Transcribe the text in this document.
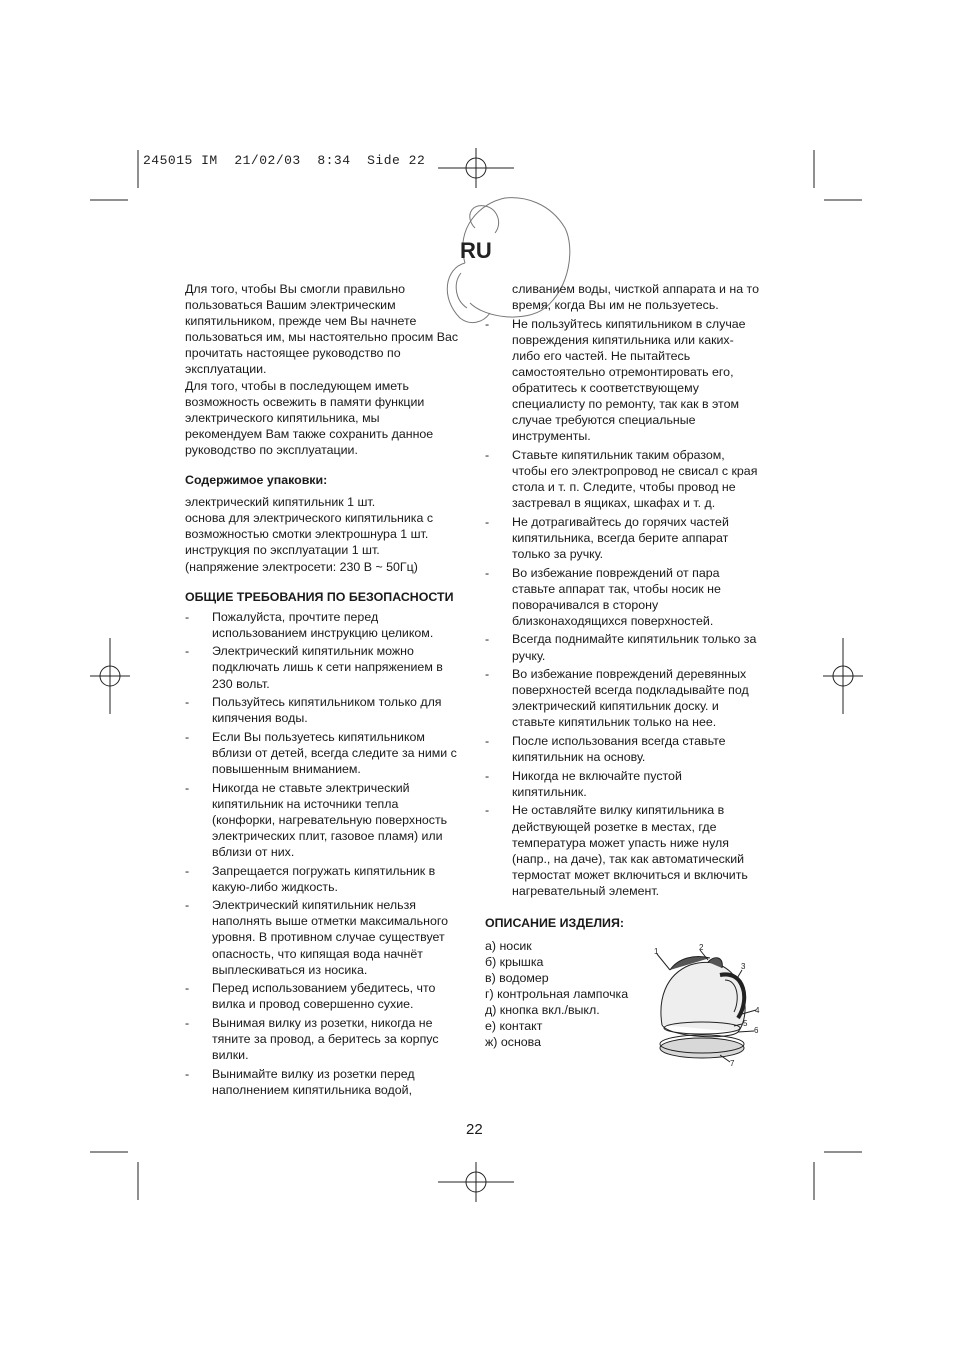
245015 IM  21/02/03  8:34  Side 22
RU

Для того, чтобы Вы смогли правильно

пользоваться Вашим электрическим

кипятильником, прежде чем Вы начнете

пользоваться им, мы настоятельно просим Вас

прочитать настоящее руководство по

эксплуатации.

Для того, чтобы в последующем иметь

возможность освежить в памяти функции

электрического кипятильника, мы

рекомендуем Вам также сохранить данное

руководство по эксплуатации.

Содержимое упаковки:

электрический кипятильник 1 шт.

основа для электрического кипятильника с

возможностью смотки электрошнура 1 шт.

инструкция по эксплуатации 1 шт.

(напряжение электросети: 230 В ~ 50Гц)

ОБЩИЕ ТРЕБОВАНИЯ ПО БЕЗОПАСНОСТИ

- Пожалуйста, прочтите перед
использованием инструкцию целиком.
- Электрический кипятильник можно
подключать лишь к сети напряжением в
230 вольт.
- Пользуйтесь кипятильником только для
кипячения воды.
- Если Вы пользуетесь кипятильником
вблизи от детей, всегда следите за ними с
повышенным вниманием.
- Никогда не ставьте электрический
кипятильник на источники тепла
(конфорки, нагревательную поверхность
электрических плит, газовое пламя) или
вблизи от них.
- Запрещается погружать кипятильник в
какую-либо жидкость.
- Электрический кипятильник нельзя
наполнять выше отметки максимального
уровня. В противном случае существует
опасность, что кипящая вода начнёт
выплескиваться из носика.
- Перед использованием убедитесь, что
вилка и провод совершенно сухие.
- Вынимая вилку из розетки, никогда не
тяните за провод, а беритесь за корпус
вилки.
- Вынимайте вилку из розетки перед
наполнением кипятильника водой,
сливанием воды, чисткой аппарата и на то
время, когда Вы им не пользуетесь.
- Не пользуйтесь кипятильником в случае
повреждения кипятильника или каких-
либо его частей. Не пытайтесь
самостоятельно отремонтировать его,
обратитесь к соответствующему
специалисту по ремонту, так как в этом
случае требуются специальные
инструменты.
- Ставьте кипятильник таким образом,
чтобы его электропровод не свисал с края
стола и т. п. Следите, чтобы провод не
застревал в ящиках, шкафах и т. д.
- Не дотрагивайтесь до горячих частей
кипятильника, всегда берите аппарат
только за ручку.
- Во избежание повреждений от пара
ставьте аппарат так, чтобы носик не
поворачивался в сторону
близконаходящихся поверхностей.
- Всегда поднимайте кипятильник только за
ручку.
- Во избежание повреждений деревянных
поверхностей всегда подкладывайте под
электрический кипятильник доску. и
ставьте кипятильник только на нее.
- После использования всегда ставьте
кипятильник на основу.
- Никогда не включайте пустой
кипятильник.
- Не оставляйте вилку кипятильника в
действующей розетке в местах, где
температура может упасть ниже нуля
(напр., на даче), так как автоматический
термостат может включиться и включить
нагревательный элемент.

ОПИСАНИЕ ИЗДЕЛИЯ:

а) носик

б) крышка

в) водомер

г) контрольная лампочка

д) кнопка вкл./выкл.

е) контакт

ж) основа

1	2
3
4
5
6
7
22
